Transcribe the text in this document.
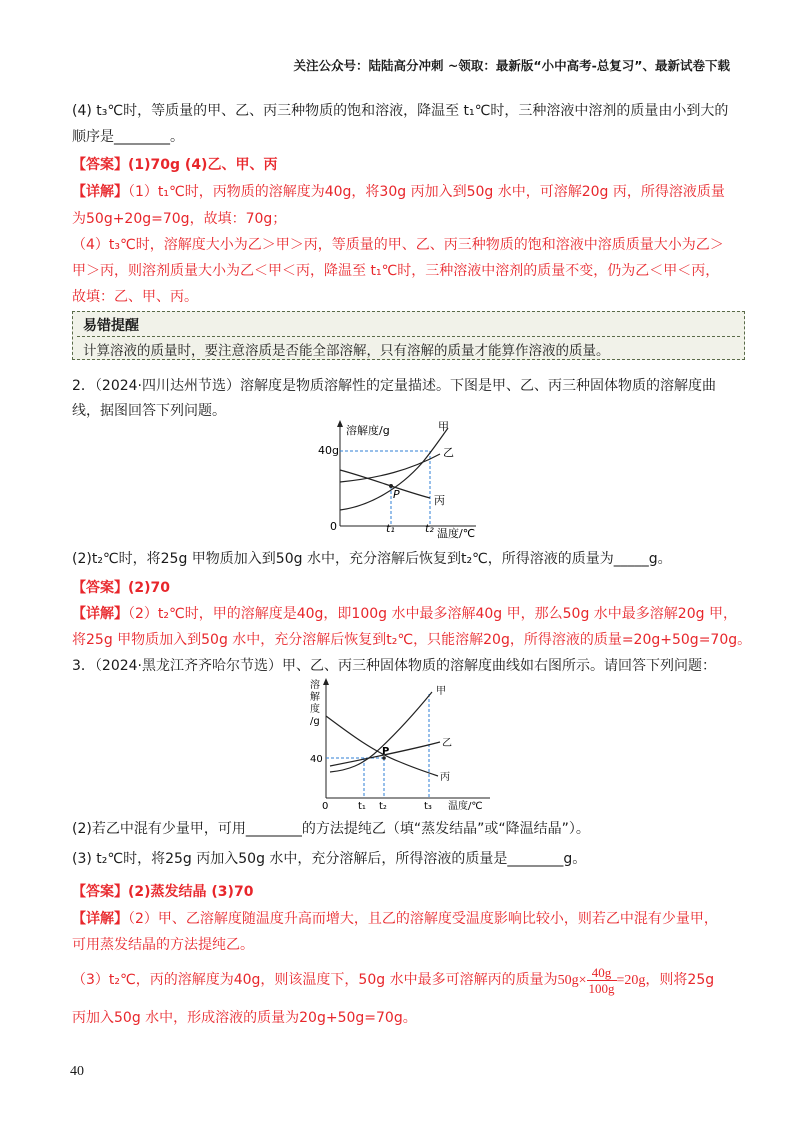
关注公众号：陆陆高分冲刺 ~领取：最新版“小中高考-总复习”、最新试卷下载
(4) t₃℃时，等质量的甲、乙、丙三种物质的饱和溶液，降温至 t₁℃时，三种溶液中溶剂的质量由小到大的
顺序是________。
【答案】(1)70g (4)乙、甲、丙
【详解】（1）t₁℃时，丙物质的溶解度为40g，将30g 丙加入到50g 水中，可溶解20g 丙，所得溶液质量
为50g+20g=70g，故填：70g；
（4）t₃℃时，溶解度大小为乙＞甲＞丙，等质量的甲、乙、丙三种物质的饱和溶液中溶质质量大小为乙＞
甲＞丙，则溶剂质量大小为乙＜甲＜丙，降温至 t₁℃时，三种溶液中溶剂的质量不变，仍为乙＜甲＜丙，
故填：乙、甲、丙。
易错提醒
计算溶液的质量时，要注意溶质是否能全部溶解，只有溶解的质量才能算作溶液的质量。
2．（2024·四川达州节选）溶解度是物质溶解性的定量描述。下图是甲、乙、丙三种固体物质的溶解度曲
线，据图回答下列问题。
溶解度/g
40g
0
P
甲
乙
丙
t₁	t₂ 温度/℃
(2)t₂℃时，将25g 甲物质加入到50g 水中，充分溶解后恢复到t₂℃，所得溶液的质量为_____g。
【答案】(2)70
【详解】（2）t₂℃时，甲的溶解度是40g，即100g 水中最多溶解40g 甲，那么50g 水中最多溶解20g 甲，
将25g 甲物质加入到50g 水中，充分溶解后恢复到t₂℃，只能溶解20g，所得溶液的质量=20g+50g=70g。
3．（2024·黑龙江齐齐哈尔节选）甲、乙、丙三种固体物质的溶解度曲线如右图所示。请回答下列问题：
溶
解
度
/g
40
0
P
甲
乙
丙
t₁ t₂	t₃ 温度/℃
(2)若乙中混有少量甲，可用________的方法提纯乙（填“蒸发结晶”或“降温结晶”）。
(3) t₂℃时，将25g 丙加入50g 水中，充分溶解后，所得溶液的质量是________g。
【答案】(2)蒸发结晶 (3)70
【详解】（2）甲、乙溶解度随温度升高而增大，且乙的溶解度受温度影响比较小，则若乙中混有少量甲，
可用蒸发结晶的方法提纯乙。
（3）t₂℃，丙的溶解度为40g，则该温度下，50g 水中最多可溶解丙的质量为$50g\times \frac{40g}{100g} =20g$，则将25g
丙加入50g 水中，形成溶液的质量为20g+50g=70g。
40
